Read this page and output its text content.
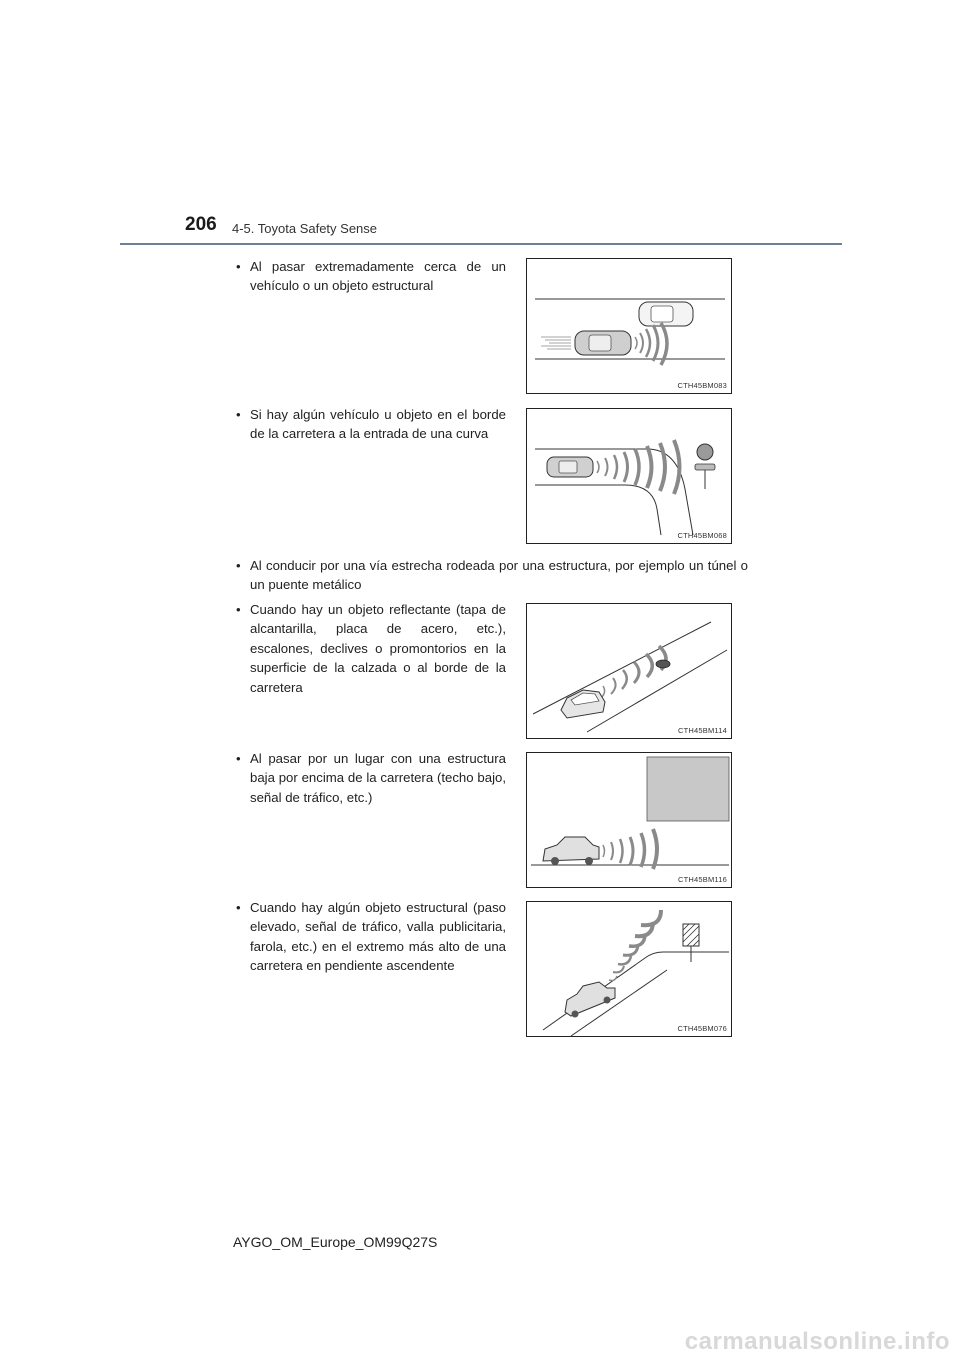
206 4-5. Toyota Safety Sense
• Al pasar extremadamente cerca de un vehículo o un objeto estructural
CTH45BM083
• Si hay algún vehículo u objeto en el borde de la carretera a la entrada de una curva
CTH45BM068
• Al conducir por una vía estrecha rodeada por una estructura, por ejemplo un túnel o un puente metálico
• Cuando hay un objeto reflectante (tapa de alcantarilla, placa de acero, etc.), escalones, declives o promontorios en la superficie de la calzada o al borde de la carretera
CTH45BM114
• Al pasar por un lugar con una estructura baja por encima de la carretera (techo bajo, señal de tráfico, etc.)
CTH45BM116
• Cuando hay algún objeto estructural (paso elevado, señal de tráfico, valla publicitaria, farola, etc.) en el extremo más alto de una carretera en pendiente ascendente
CTH45BM076
AYGO_OM_Europe_OM99Q27S
carmanualsonline.info
